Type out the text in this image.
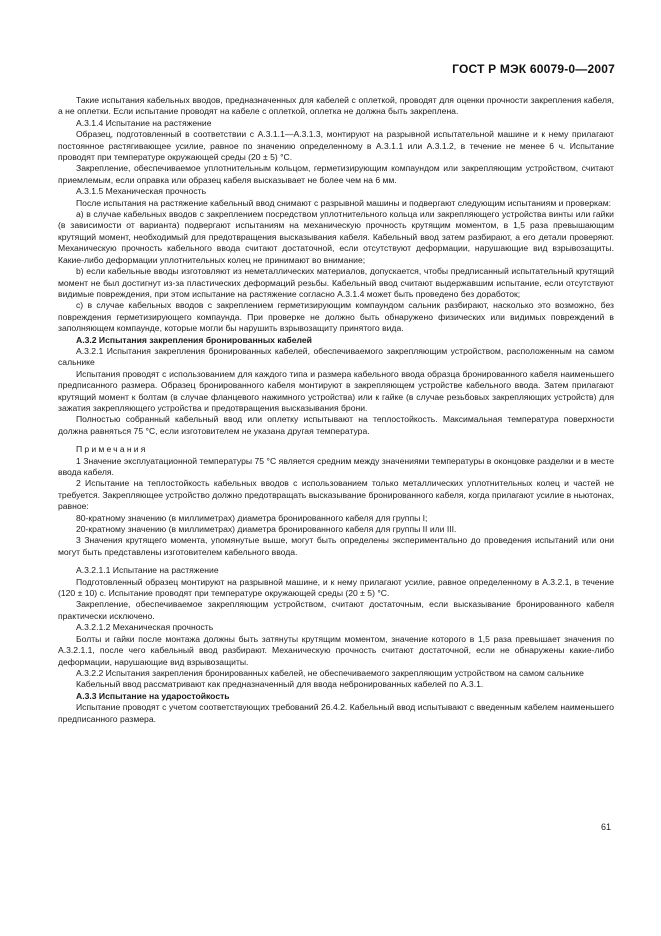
ГОСТ Р МЭК 60079-0—2007

Такие испытания кабельных вводов, предназначенных для кабелей с оплеткой, проводят для оценки прочности закрепления кабеля, а не оплетки. Если испытание проводят на кабеле с оплеткой, оплетка не должна быть закреплена.

А.3.1.4 Испытание на растяжение

Образец, подготовленный в соответствии с А.3.1.1—А.3.1.3, монтируют на разрывной испытательной машине и к нему прилагают постоянное растягивающее усилие, равное по значению определенному в А.3.1.1 или А.3.1.2, в течение не менее 6 ч. Испытание проводят при температуре окружающей среды (20 ± 5) °С.

Закрепление, обеспечиваемое уплотнительным кольцом, герметизирующим компаундом или закрепляющим устройством, считают приемлемым, если оправка или образец кабеля высказывает не более чем на 6 мм.

А.3.1.5 Механическая прочность

После испытания на растяжение кабельный ввод снимают с разрывной машины и подвергают следующим испытаниям и проверкам:

а) в случае кабельных вводов с закреплением посредством уплотнительного кольца или закрепляющего устройства винты или гайки (в зависимости от варианта) подвергают испытаниям на механическую прочность крутящим моментом, в 1,5 раза превышающим крутящий момент, необходимый для предотвращения высказывания кабеля. Кабельный ввод затем разбирают, а его детали проверяют. Механическую прочность кабельного ввода считают достаточной, если отсутствуют деформации, нарушающие вид взрывозащиты. Какие-либо деформации уплотнительных колец не принимают во внимание;

b) если кабельные вводы изготовляют из неметаллических материалов, допускается, чтобы предписанный испытательный крутящий момент не был достигнут из-за пластических деформаций резьбы. Кабельный ввод считают выдержавшим испытание, если отсутствуют видимые повреждения, при этом испытание на растяжение согласно А.3.1.4 может быть проведено без доработок;

с) в случае кабельных вводов с закреплением герметизирующим компаундом сальник разбирают, насколько это возможно, без повреждения герметизирующего компаунда. При проверке не должно быть обнаружено физических или видимых повреждений в заполняющем компаунде, которые могли бы нарушить взрывозащиту принятого вида.

А.3.2 Испытания закрепления бронированных кабелей

А.3.2.1 Испытания закрепления бронированных кабелей, обеспечиваемого закрепляющим устройством, расположенным на самом сальнике

Испытания проводят с использованием для каждого типа и размера кабельного ввода образца бронированного кабеля наименьшего предписанного размера. Образец бронированного кабеля монтируют в закрепляющем устройстве кабельного ввода. Затем прилагают крутящий момент к болтам (в случае фланцевого нажимного устройства) или к гайке (в случае резьбовых закрепляющих устройств) для зажатия закрепляющего устройства и предотвращения высказывания брони.

Полностью собранный кабельный ввод или оплетку испытывают на теплостойкость. Максимальная температура поверхности должна равняться 75 °С, если изготовителем не указана другая температура.

Примечания

1 Значение эксплуатационной температуры 75 °С является средним между значениями температуры в оконцовке разделки и в месте ввода кабеля.

2 Испытание на теплостойкость кабельных вводов с использованием только металлических уплотнительных колец и частей не требуется. Закрепляющее устройство должно предотвращать высказывание бронированного кабеля, когда прилагают усилие в ньютонах, равное:

80-кратному значению (в миллиметрах) диаметра бронированного кабеля для группы I;

20-кратному значению (в миллиметрах) диаметра бронированного кабеля для группы II или III.

3 Значения крутящего момента, упомянутые выше, могут быть определены экспериментально до проведения испытаний или они могут быть представлены изготовителем кабельного ввода.

А.3.2.1.1 Испытание на растяжение

Подготовленный образец монтируют на разрывной машине, и к нему прилагают усилие, равное определенному в А.3.2.1, в течение (120 ± 10) с. Испытание проводят при температуре окружающей среды (20 ± 5) °С.

Закрепление, обеспечиваемое закрепляющим устройством, считают достаточным, если высказывание бронированного кабеля практически исключено.

А.3.2.1.2 Механическая прочность

Болты и гайки после монтажа должны быть затянуты крутящим моментом, значение которого в 1,5 раза превышает значения по А.3.2.1.1, после чего кабельный ввод разбирают. Механическую прочность считают достаточной, если не обнаружены какие-либо деформации, нарушающие вид взрывозащиты.

А.3.2.2 Испытания закрепления бронированных кабелей, не обеспечиваемого закрепляющим устройством на самом сальнике

Кабельный ввод рассматривают как предназначенный для ввода небронированных кабелей по А.3.1.

А.3.3 Испытание на ударостойкость

Испытание проводят с учетом соответствующих требований 26.4.2. Кабельный ввод испытывают с введенным кабелем наименьшего предписанного размера.

61
